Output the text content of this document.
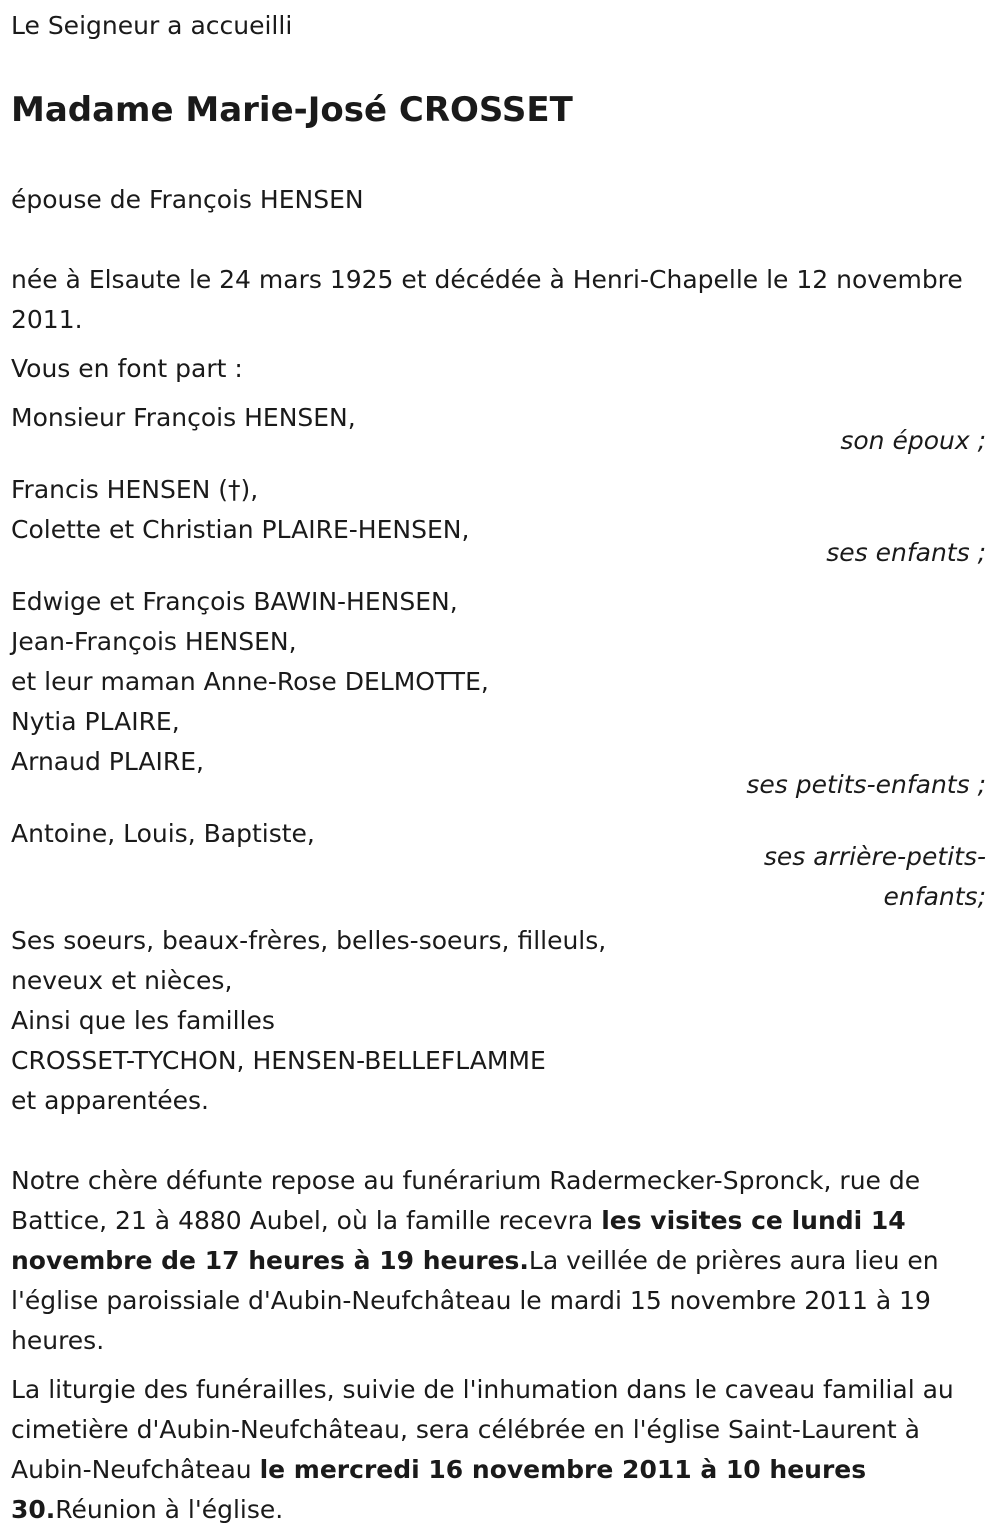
Le Seigneur a accueilli
Madame Marie-José CROSSET
épouse de François HENSEN
née à Elsaute le 24 mars 1925 et décédée à Henri-Chapelle le 12 novembre 2011.
Vous en font part :
Monsieur François HENSEN,
son époux ;
Francis HENSEN (†),
Colette et Christian PLAIRE-HENSEN,
ses enfants ;
Edwige et François BAWIN-HENSEN,
Jean-François HENSEN,
et leur maman Anne-Rose DELMOTTE,
Nytia PLAIRE,
Arnaud PLAIRE,
ses petits-enfants ;
Antoine, Louis, Baptiste,
ses arrière-petits-
enfants;
Ses soeurs, beaux-frères, belles-soeurs, filleuls,
neveux et nièces,
Ainsi que les familles
CROSSET-TYCHON, HENSEN-BELLEFLAMME
et apparentées.
Notre chère défunte repose au funérarium Radermecker-Spronck, rue de Battice, 21 à 4880 Aubel, où la famille recevra les visites ce lundi 14 novembre de 17 heures à 19 heures.La veillée de prières aura lieu en l'église paroissiale d'Aubin-Neufchâteau le mardi 15 novembre 2011 à 19 heures.
La liturgie des funérailles, suivie de l'inhumation dans le caveau familial au cimetière d'Aubin-Neufchâteau, sera célébrée en l'église Saint-Laurent à Aubin-Neufchâteau le mercredi 16 novembre 2011 à 10 heures 30.Réunion à l'église.
